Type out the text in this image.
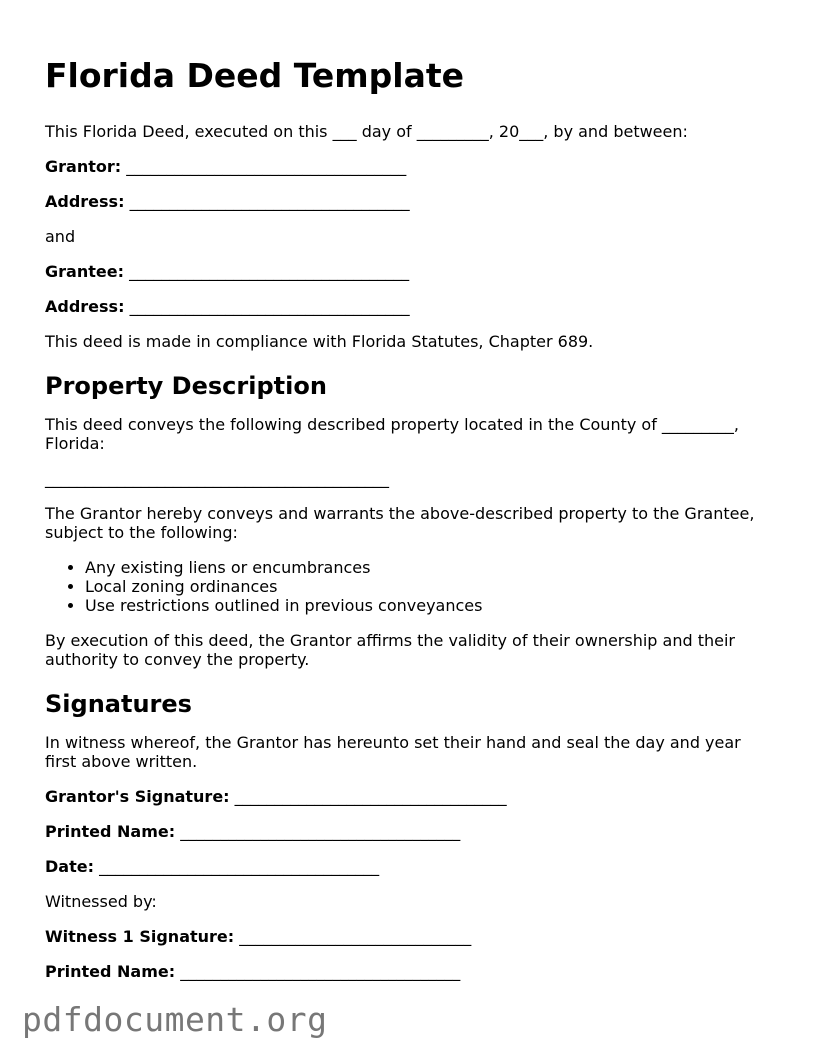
Florida Deed Template

This Florida Deed, executed on this ___ day of _________, 20___, by and between:

Grantor: ___________________________________

Address: ___________________________________

and

Grantee: ___________________________________

Address: ___________________________________

This deed is made in compliance with Florida Statutes, Chapter 689.

Property Description

This deed conveys the following described property located in the County of _________, Florida:

___________________________________________

The Grantor hereby conveys and warrants the above-described property to the Grantee, subject to the following:

• Any existing liens or encumbrances
• Local zoning ordinances
• Use restrictions outlined in previous conveyances

By execution of this deed, the Grantor affirms the validity of their ownership and their authority to convey the property.

Signatures

In witness whereof, the Grantor has hereunto set their hand and seal the day and year first above written.

Grantor's Signature: __________________________________

Printed Name: ___________________________________

Date: ___________________________________

Witnessed by:

Witness 1 Signature: _____________________________

Printed Name: ___________________________________

pdfdocument.org
